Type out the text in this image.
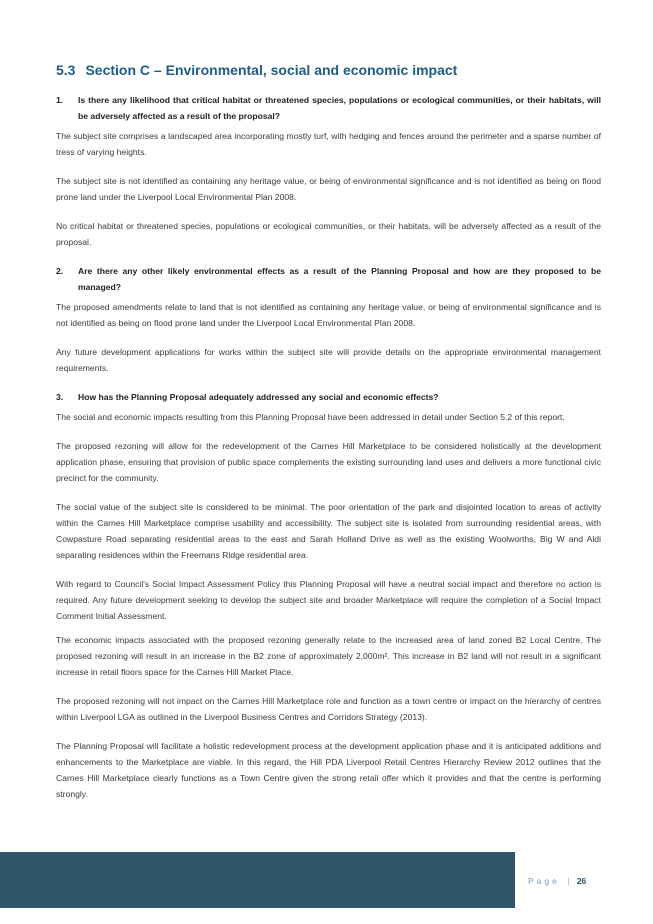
5.3 Section C – Environmental, social and economic impact
1.	Is there any likelihood that critical habitat or threatened species, populations or ecological communities, or their habitats, will be adversely affected as a result of the proposal?

The subject site comprises a landscaped area incorporating mostly turf, with hedging and fences around the perimeter and a sparse number of tress of varying heights.

The subject site is not identified as containing any heritage value, or being of environmental significance and is not identified as being on flood prone land under the Liverpool Local Environmental Plan 2008.

No critical habitat or threatened species, populations or ecological communities, or their habitats, will be adversely affected as a result of the proposal.

2.	Are there any other likely environmental effects as a result of the Planning Proposal and how are they proposed to be managed?

The proposed amendments relate to land that is not identified as containing any heritage value, or being of environmental significance and is not identified as being on flood prone land under the Liverpool Local Environmental Plan 2008.

Any future development applications for works within the subject site will provide details on the appropriate environmental management requirements.

3.	How has the Planning Proposal adequately addressed any social and economic effects?

The social and economic impacts resulting from this Planning Proposal have been addressed in detail under Section 5.2 of this report.

The proposed rezoning will allow for the redevelopment of the Carnes Hill Marketplace to be considered holistically at the development application phase, ensuring that provision of public space complements the existing surrounding land uses and delivers a more functional civic precinct for the community.

The social value of the subject site is considered to be minimal. The poor orientation of the park and disjointed location to areas of activity within the Carnes Hill Marketplace comprise usability and accessibility. The subject site is isolated from surrounding residential areas, with Cowpasture Road separating residential areas to the east and Sarah Holland Drive as well as the existing Woolworths, Big W and Aldi separating residences within the Freemans Ridge residential area.

With regard to Council's Social Impact Assessment Policy this Planning Proposal will have a neutral social impact and therefore no action is required. Any future development seeking to develop the subject site and broader Marketplace will require the completion of a Social Impact Comment Initial Assessment.

The economic impacts associated with the proposed rezoning generally relate to the increased area of land zoned B2 Local Centre. The proposed rezoning will result in an increase in the B2 zone of approximately 2,000m². This increase in B2 land will not result in a significant increase in retail floors space for the Carnes Hill Market Place.

The proposed rezoning will not impact on the Carnes Hill Marketplace role and function as a town centre or impact on the hierarchy of centres within Liverpool LGA as outlined in the Liverpool Business Centres and Corridors Strategy (2013).

The Planning Proposal will facilitate a holistic redevelopment process at the development application phase and it is anticipated additions and enhancements to the Marketplace are viable. In this regard, the Hill PDA Liverpool Retail Centres Hierarchy Review 2012 outlines that the Carnes Hill Marketplace clearly functions as a Town Centre given the strong retail offer which it provides and that the centre is performing strongly.

Page | 26
